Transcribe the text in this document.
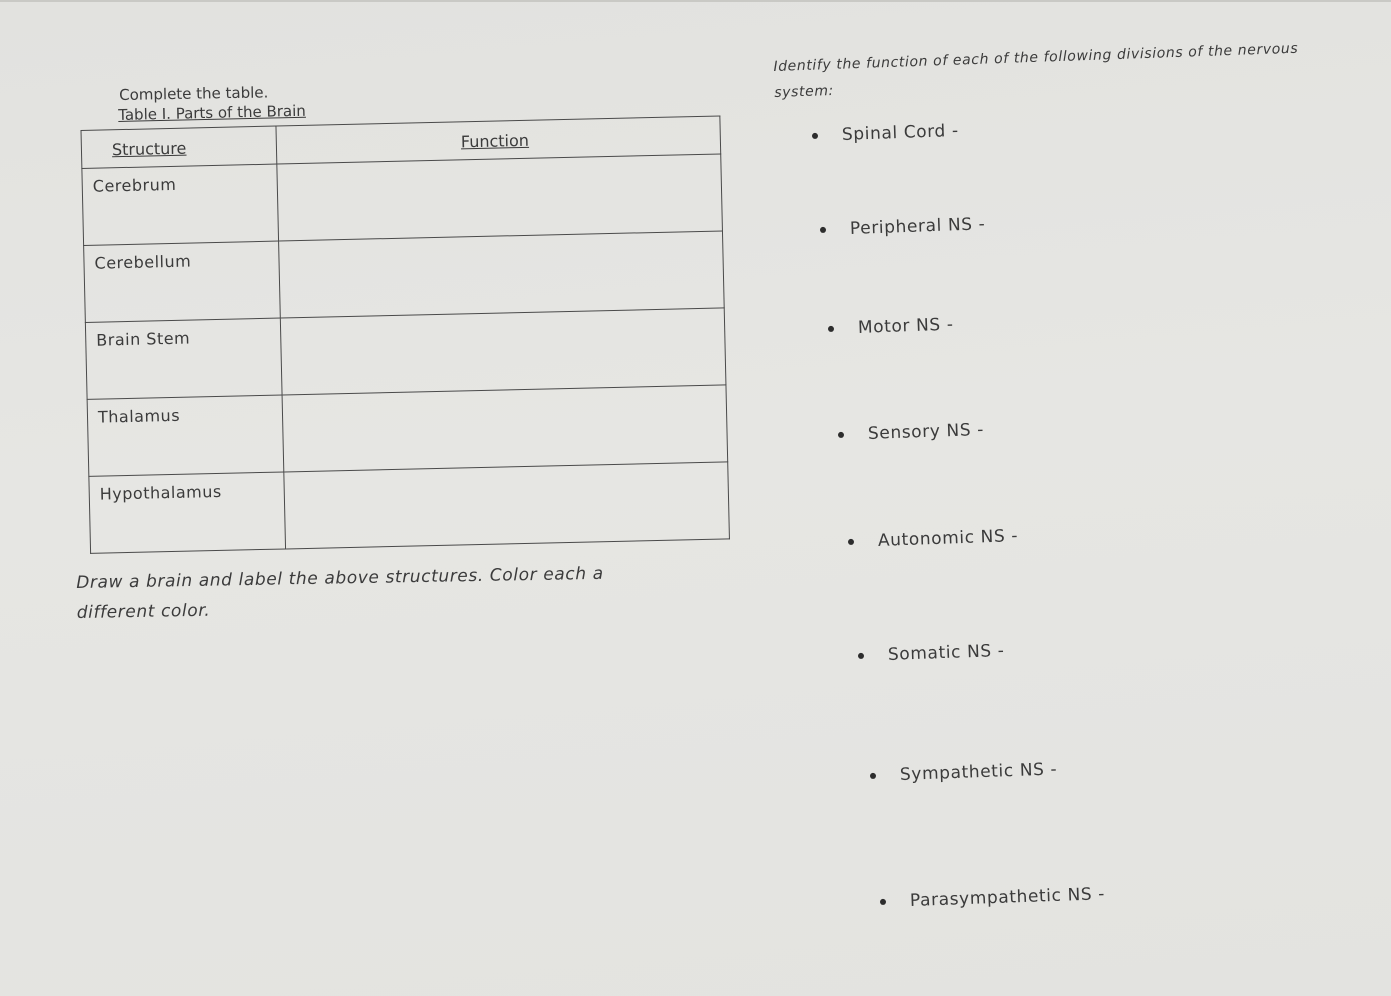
Complete the table.
Table I. Parts of the Brain
Structure	Function
Cerebrum	
Cerebellum	
Brain Stem	
Thalamus	
Hypothalamus	
Draw a brain and label the above structures. Color each a different color.
Identify the function of each of the following divisions of the nervous system:
Spinal Cord -
Peripheral NS -
Motor NS -
Sensory NS -
Autonomic NS -
Somatic NS -
Sympathetic NS -
Parasympathetic NS -
